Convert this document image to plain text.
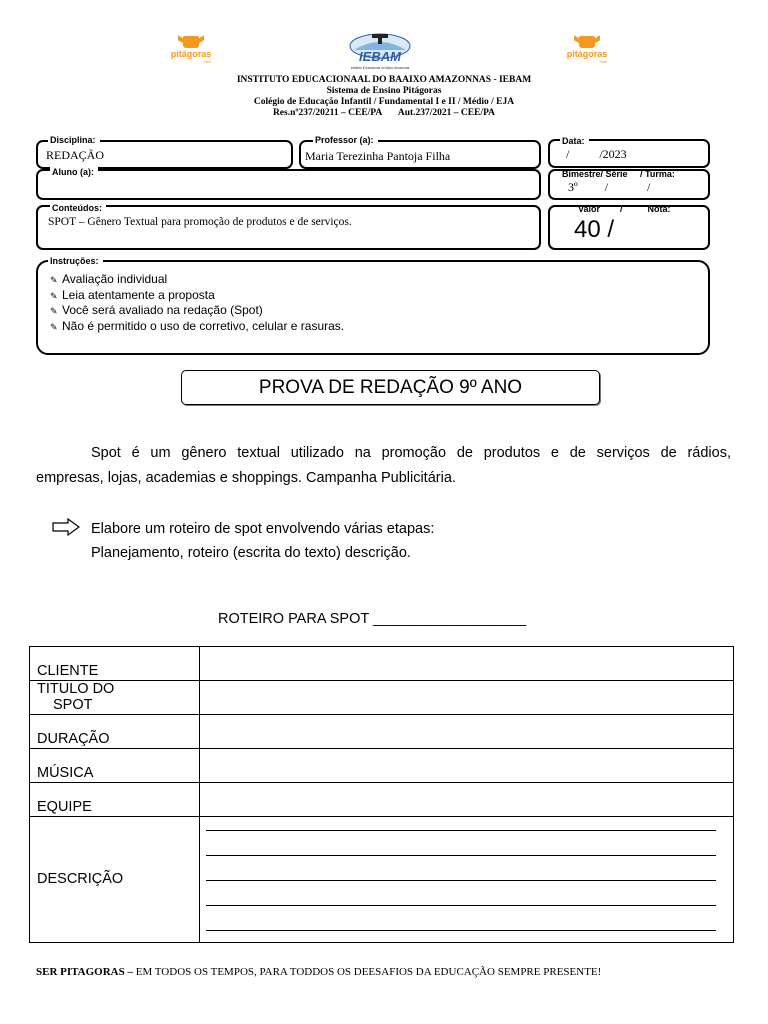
pitágoras
Sesi
pitágoras
Sesi
IEBAM
Instituto Educacional do Baixo Amazonas
INSTITUTO EDUCACIONAAL DO BAAIXO AMAZONNAS - IEBAM
Sistema de Ensino Pitágoras
Colégio de Educação Infantil / Fundamental I e II / Médio / EJA
Res.nº237/20211 – CEE/PA       Aut.237/2021 – CEE/PA
Disciplina:
REDAÇÃO
Professor (a):
Maria Terezinha Pantoja Filha
Data:
/          /2023
Aluno (a):	Bimestre/ Série     / Turma:
3º         /             /
Conteúdos:
SPOT – Gênero Textual para promoção de produtos e de serviços.
Valor        /          Nota:
40 /
Instruções:
✎ Avaliação individual
✎ Leia atentamente a proposta
✎ Você será avaliado na redação (Spot)
✎ Não é permitido o uso de corretivo, celular e rasuras.
PROVA DE REDAÇÃO 9º ANO
Spot é um gênero textual utilizado na promoção de produtos e de serviços de rádios,
empresas, lojas, academias e shoppings. Campanha Publicitária.
Elabore um roteiro de spot envolvendo várias etapas:
Planejamento, roteiro (escrita do texto) descrição.
ROTEIRO PARA SPOT ___________________
CLIENTE	

TITULO DO
SPOT	

DURAÇÃO	
MÚSICA	
EQUIPE	
DESCRIÇÃO	
SER PITAGORAS – EM TODOS OS TEMPOS, PARA TODDOS OS DEESAFIOS DA EDUCAÇÃO SEMPRE PRESENTE!
